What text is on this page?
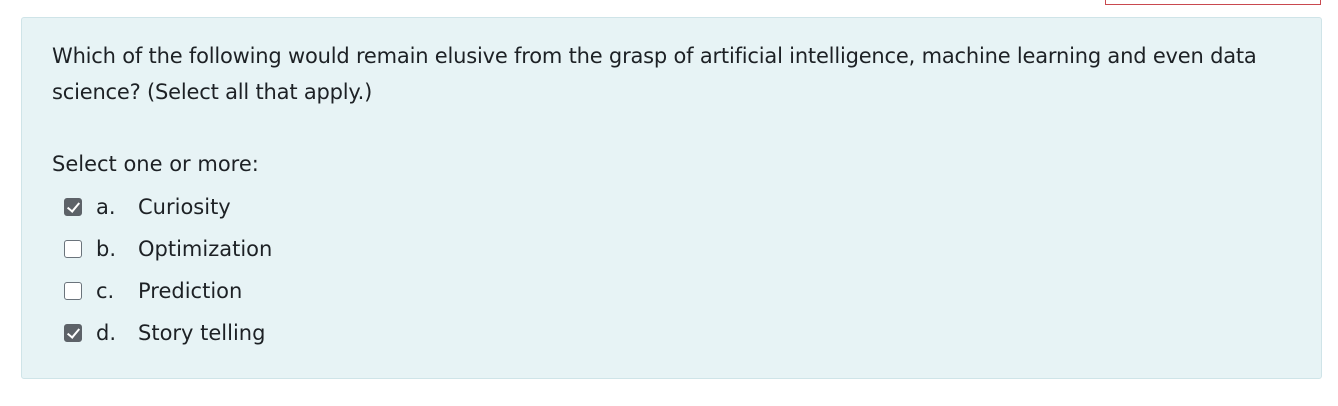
Which of the following would remain elusive from the grasp of artificial intelligence, machine learning and even data science? (Select all that apply.)

Select one or more:

a.	Curiosity
b.	Optimization
c.	Prediction
d.	Story telling
